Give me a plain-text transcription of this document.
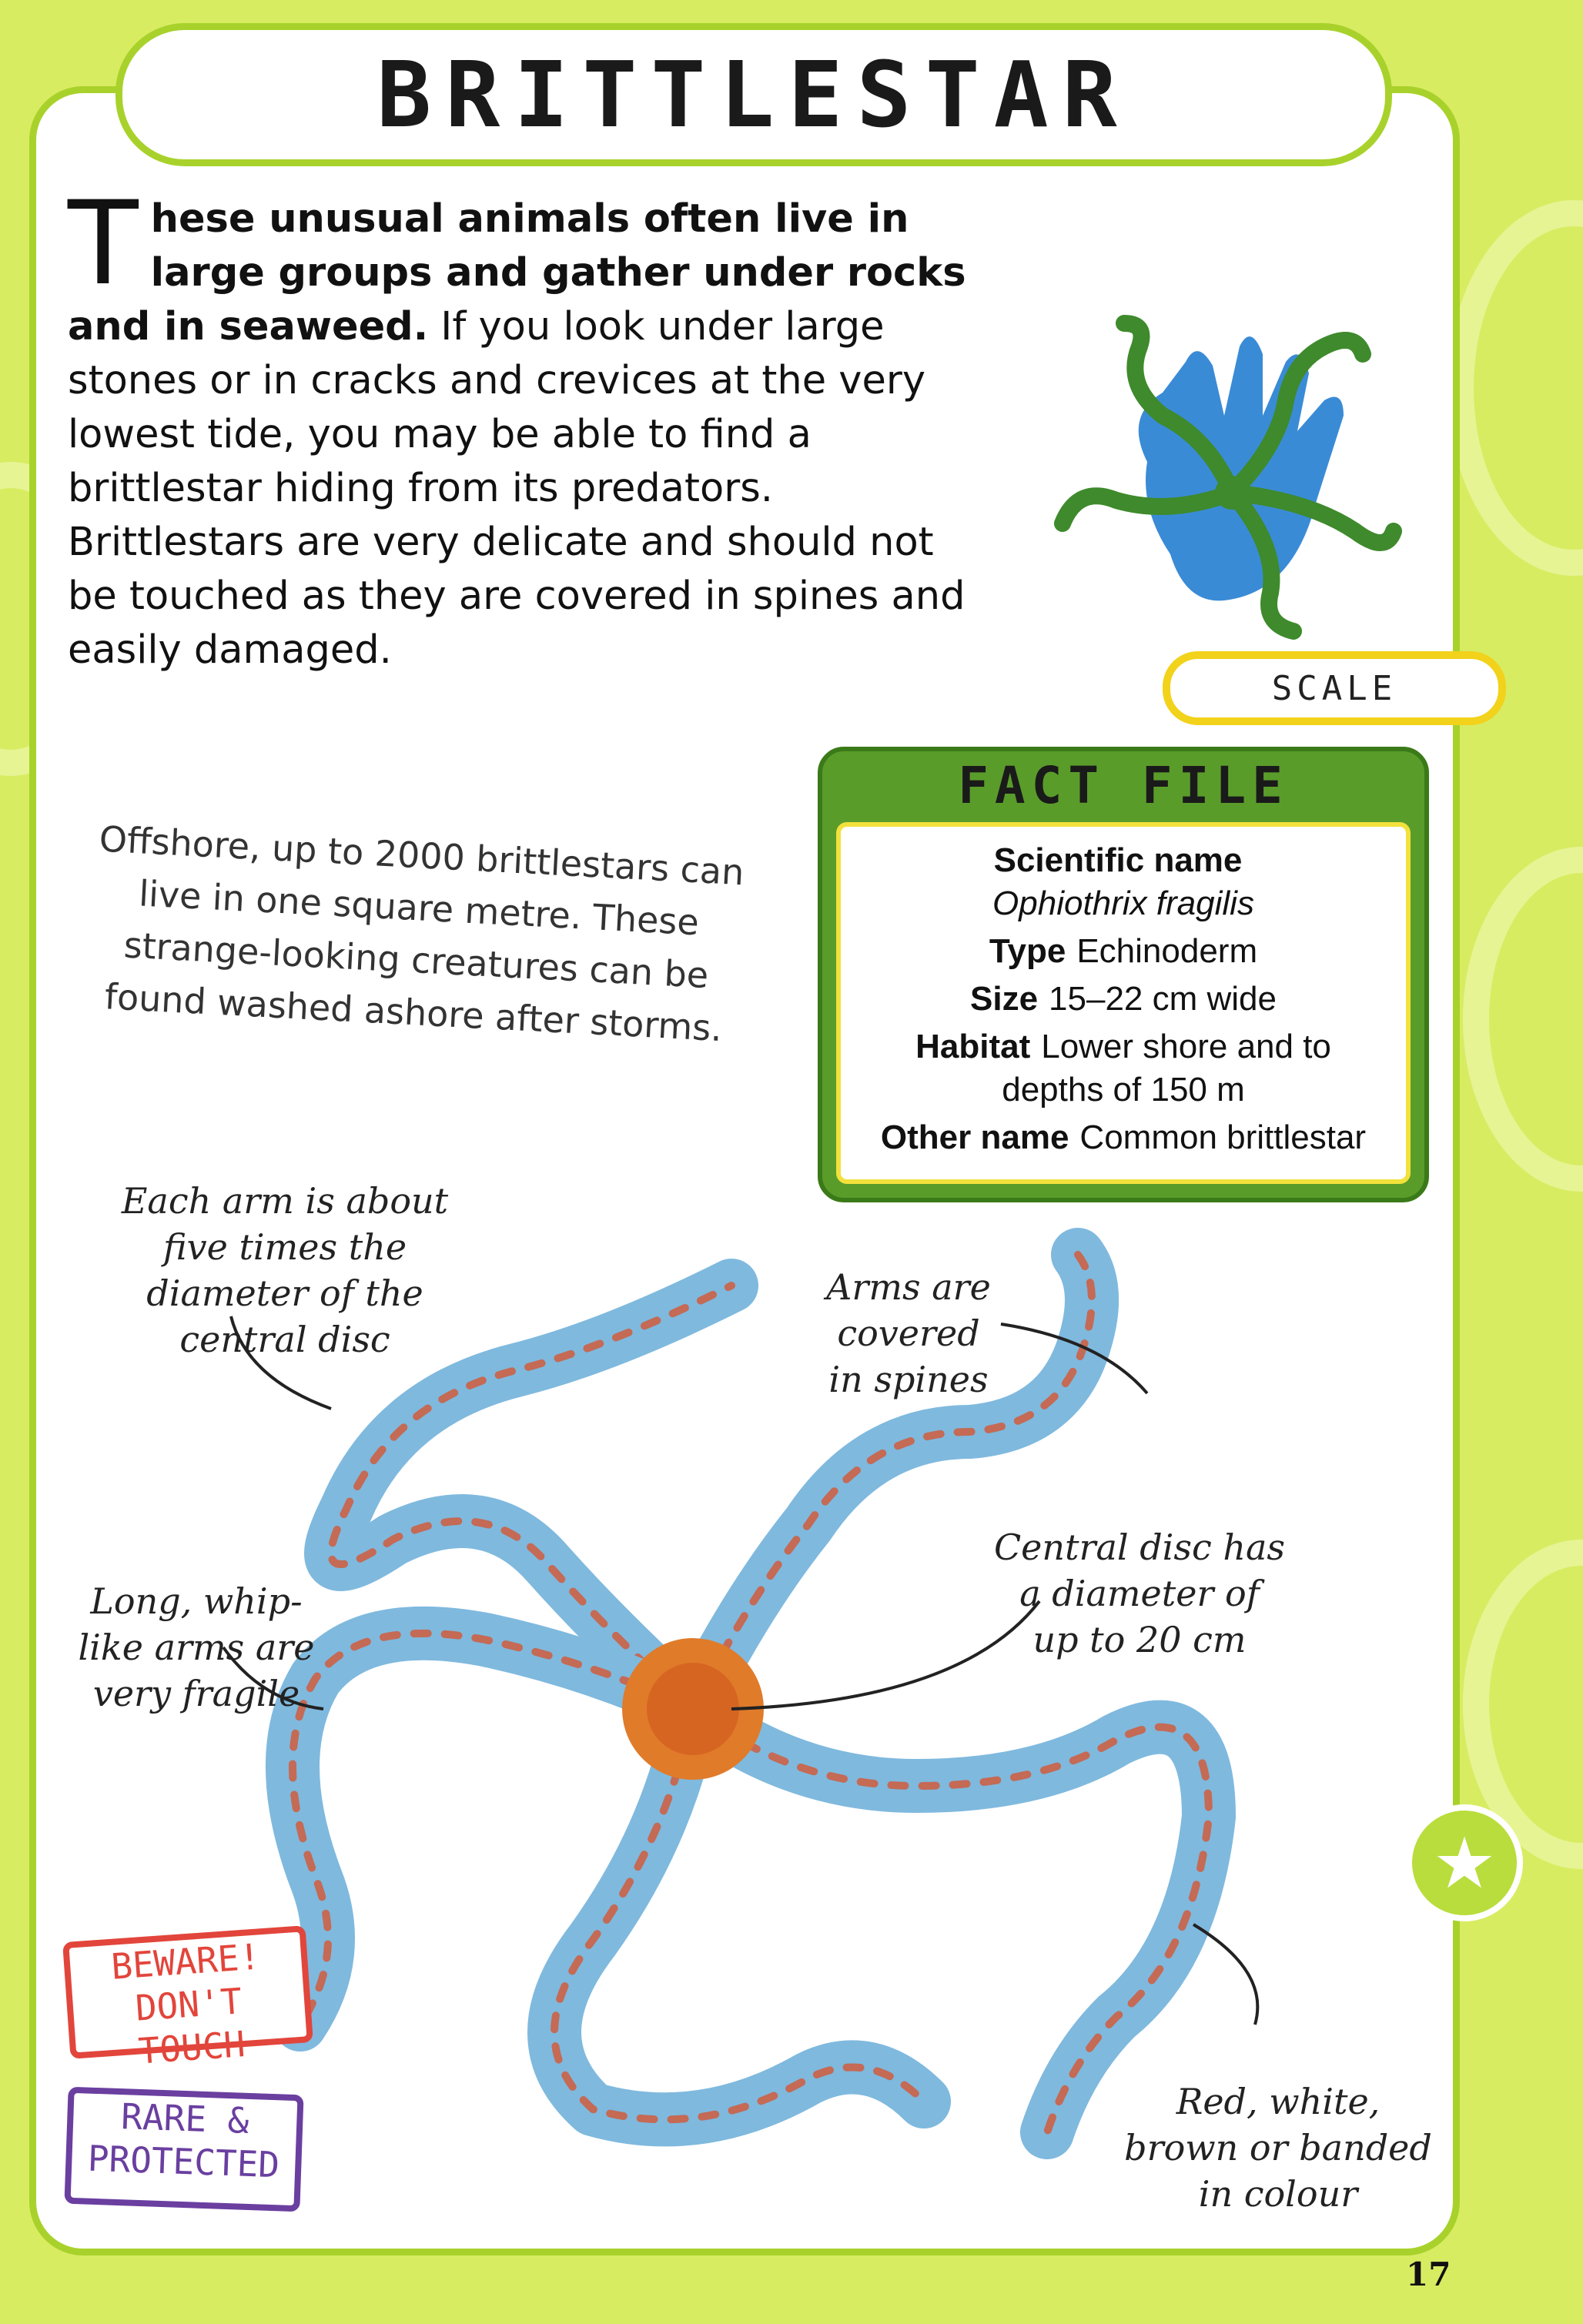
BRITTLESTAR
These unusual animals often live in large groups and gather under rocks and in seaweed. If you look under large stones or in cracks and crevices at the very lowest tide, you may be able to find a brittlestar hiding from its predators. Brittlestars are very delicate and should not be touched as they are covered in spines and easily damaged.
SCALE
Offshore, up to 2000 brittlestars can live in one square metre. These strange-looking creatures can be found washed ashore after storms.
FACT FILE
Scientific name
Ophiothrix fragilis
Type Echinoderm
Size 15–22 cm wide
Habitat Lower shore and to depths of 150 m
Other name Common brittlestar
Each arm is about five times the diameter of the central disc
Arms are covered in spines
Central disc has a diameter of up to 20 cm
Long, whip-like arms are very fragile
Red, white, brown or banded in colour
BEWARE! DON'T TOUCH
RARE & PROTECTED
★
17
